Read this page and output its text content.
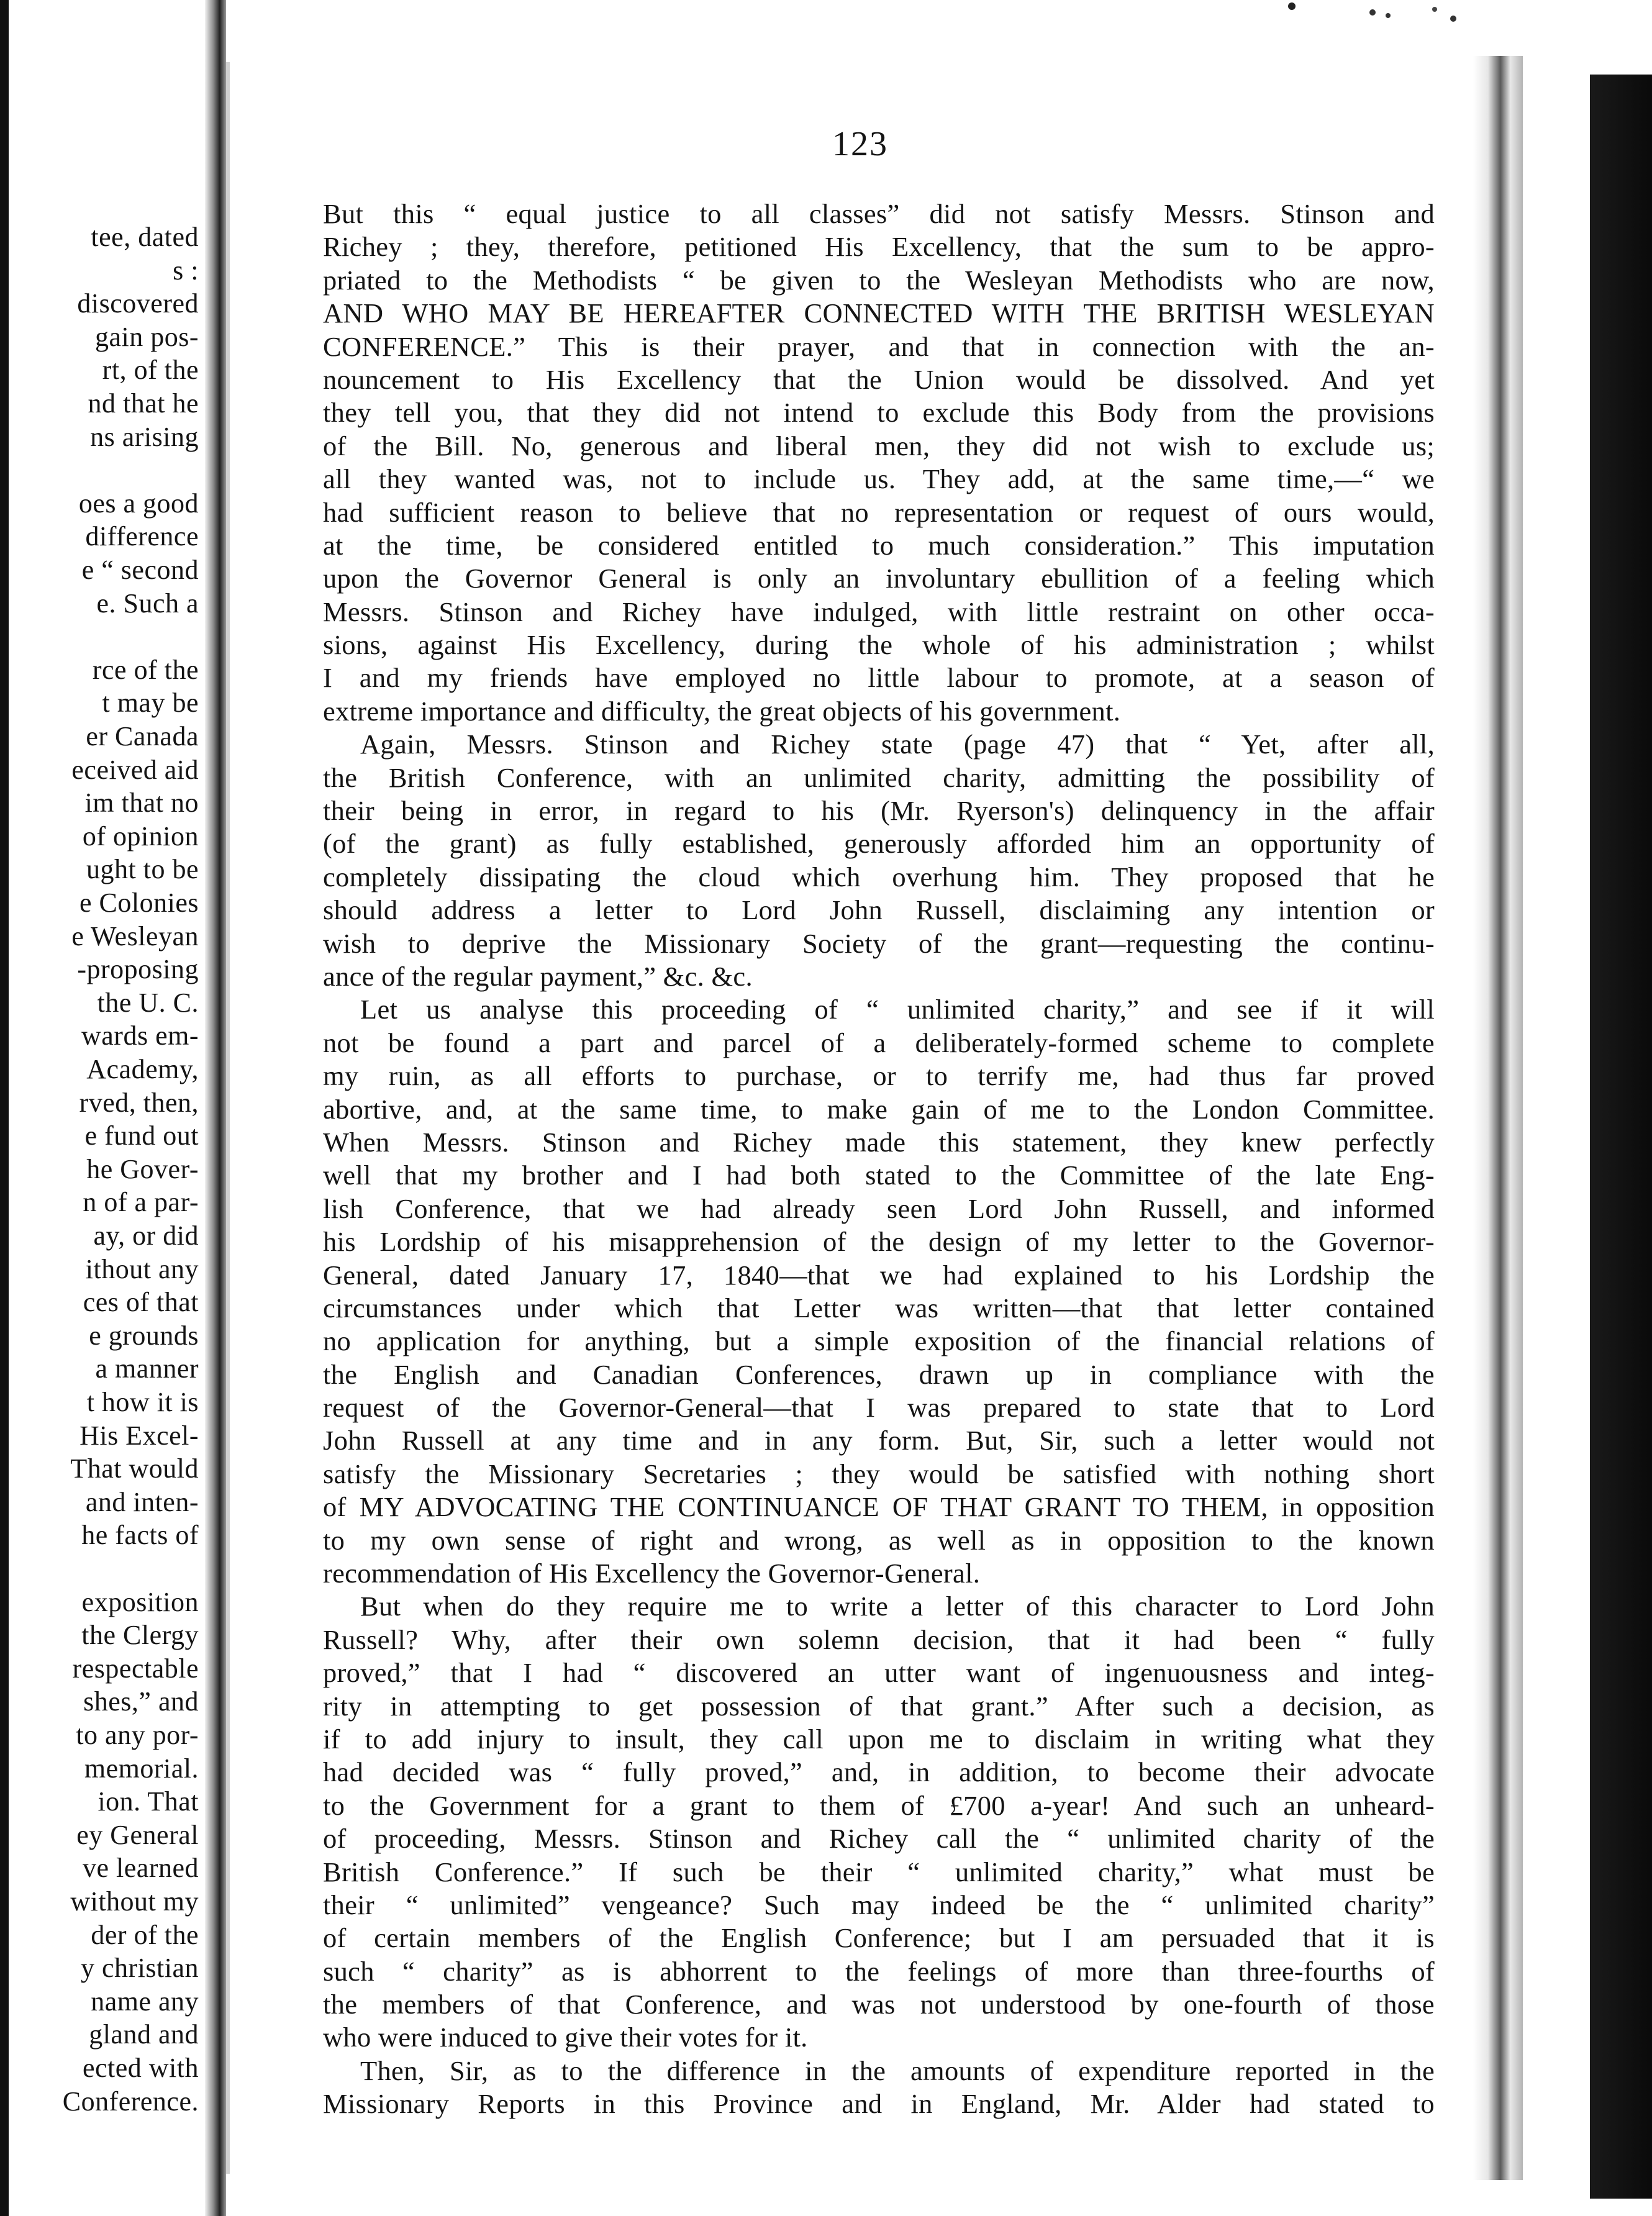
tee, dated
s :
discovered
gain pos-
rt, of the
nd that he
ns arising
oes a good
difference
e “ second
e. Such a
rce of the
t may be
er Canada
eceived aid
im that no
of opinion
ught to be
e Colonies
e Wesleyan
-proposing
the U. C.
wards em-
Academy,
rved, then,
e fund out
he Gover-
n of a par-
ay, or did
ithout any
ces of that
e grounds
a manner
t how it is
His Excel-
That would
and inten-
he facts of
exposition
the Clergy
respectable
shes,” and
to any por-
memorial.
ion. That
ey General
ve learned
without my
der of the
y christian
name any
gland and
ected with
Conference.
123
But this “ equal justice to all classes” did not satisfy Messrs. Stinson and
Richey ; they, therefore, petitioned His Excellency, that the sum to be appro-
priated to the Methodists “ be given to the Wesleyan Methodists who are now,
AND WHO MAY BE HEREAFTER CONNECTED WITH THE BRITISH WESLEYAN
CONFERENCE.” This is their prayer, and that in connection with the an-
nouncement to His Excellency that the Union would be dissolved. And yet
they tell you, that they did not intend to exclude this Body from the provisions
of the Bill. No, generous and liberal men, they did not wish to exclude us;
all they wanted was, not to include us. They add, at the same time,—“ we
had sufficient reason to believe that no representation or request of ours would,
at the time, be considered entitled to much consideration.” This imputation
upon the Governor General is only an involuntary ebullition of a feeling which
Messrs. Stinson and Richey have indulged, with little restraint on other occa-
sions, against His Excellency, during the whole of his administration ; whilst
I and my friends have employed no little labour to promote, at a season of
extreme importance and difficulty, the great objects of his government.
Again, Messrs. Stinson and Richey state (page 47) that “ Yet, after all,
the British Conference, with an unlimited charity, admitting the possibility of
their being in error, in regard to his (Mr. Ryerson's) delinquency in the affair
(of the grant) as fully established, generously afforded him an opportunity of
completely dissipating the cloud which overhung him. They proposed that he
should address a letter to Lord John Russell, disclaiming any intention or
wish to deprive the Missionary Society of the grant—requesting the continu-
ance of the regular payment,” &c. &c.
Let us analyse this proceeding of “ unlimited charity,” and see if it will
not be found a part and parcel of a deliberately-formed scheme to complete
my ruin, as all efforts to purchase, or to terrify me, had thus far proved
abortive, and, at the same time, to make gain of me to the London Committee.
When Messrs. Stinson and Richey made this statement, they knew perfectly
well that my brother and I had both stated to the Committee of the late Eng-
lish Conference, that we had already seen Lord John Russell, and informed
his Lordship of his misapprehension of the design of my letter to the Governor-
General, dated January 17, 1840—that we had explained to his Lordship the
circumstances under which that Letter was written—that that letter contained
no application for anything, but a simple exposition of the financial relations of
the English and Canadian Conferences, drawn up in compliance with the
request of the Governor-General—that I was prepared to state that to Lord
John Russell at any time and in any form. But, Sir, such a letter would not
satisfy the Missionary Secretaries ; they would be satisfied with nothing short
of MY ADVOCATING THE CONTINUANCE OF THAT GRANT TO THEM, in opposition
to my own sense of right and wrong, as well as in opposition to the known
recommendation of His Excellency the Governor-General.
But when do they require me to write a letter of this character to Lord John
Russell? Why, after their own solemn decision, that it had been “ fully
proved,” that I had “ discovered an utter want of ingenuousness and integ-
rity in attempting to get possession of that grant.” After such a decision, as
if to add injury to insult, they call upon me to disclaim in writing what they
had decided was “ fully proved,” and, in addition, to become their advocate
to the Government for a grant to them of £700 a-year! And such an unheard-
of proceeding, Messrs. Stinson and Richey call the “ unlimited charity of the
British Conference.” If such be their “ unlimited charity,” what must be
their “ unlimited” vengeance? Such may indeed be the “ unlimited charity”
of certain members of the English Conference; but I am persuaded that it is
such “ charity” as is abhorrent to the feelings of more than three-fourths of
the members of that Conference, and was not understood by one-fourth of those
who were induced to give their votes for it.
Then, Sir, as to the difference in the amounts of expenditure reported in the
Missionary Reports in this Province and in England, Mr. Alder had stated to
